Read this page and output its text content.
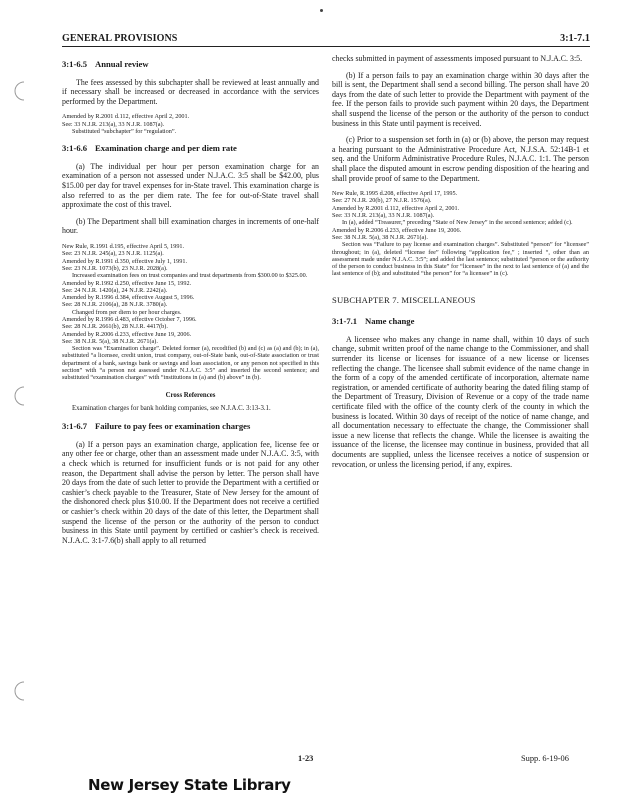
GENERAL PROVISIONS	3:1-7.1
3:1-6.5 Annual review

The fees assessed by this subchapter shall be reviewed at least annually and if necessary shall be increased or decreased in accordance with the services performed by the Department.

Amended by R.2001 d.112, effective April 2, 2001.
See: 33 N.J.R. 213(a), 33 N.J.R. 1087(a).
Substituted “subchapter” for “regulation”.
3:1-6.6 Examination charge and per diem rate

(a) The individual per hour per person examination charge for an examination of a person not assessed under N.J.A.C. 3:5 shall be $42.00, plus $15.00 per day for travel expenses for in-State travel. This examination charge is also referred to as the per diem rate. The fee for out-of-State travel shall approximate the cost of this travel.

(b) The Department shall bill examination charges in increments of one-half hour.

New Rule, R.1991 d.195, effective April 5, 1991.
See: 23 N.J.R. 245(a), 23 N.J.R. 1125(a).
Amended by R.1991 d.350, effective July 1, 1991.
See: 23 N.J.R. 1073(b), 23 N.J.R. 2028(a).
Increased examination fees on trust companies and trust departments from $300.00 to $325.00.
Amended by R.1992 d.250, effective June 15, 1992.
See: 24 N.J.R. 1420(a), 24 N.J.R. 2242(a).
Amended by R.1996 d.384, effective August 5, 1996.
See: 28 N.J.R. 2106(a), 28 N.J.R. 3780(a).
Changed from per diem to per hour charges.
Amended by R.1996 d.483, effective October 7, 1996.
See: 28 N.J.R. 2661(b), 28 N.J.R. 4417(b).
Amended by R.2006 d.233, effective June 19, 2006.
See: 38 N.J.R. 5(a), 38 N.J.R. 2671(a).
Section was “Examination charge”. Deleted former (a), recodified (b) and (c) as (a) and (b); in (a), substituted “a licensee, credit union, trust company, out-of-State bank, out-of-State association or trust department of a bank, savings bank or savings and loan association, or any person not specified in this section” with “a person not assessed under N.J.A.C. 3:5” and inserted the second sentence; and substituted “examination charges” with “institutions in (a) and (b) above” in (b).
Cross References
Examination charges for bank holding companies, see N.J.A.C. 3:13-3.1.
3:1-6.7 Failure to pay fees or examination charges

(a) If a person pays an examination charge, application fee, license fee or any other fee or charge, other than an assessment made under N.J.A.C. 3:5, with a check which is returned for insufficient funds or is not paid for any other reason, the Department shall advise the person by letter. The person shall have 20 days from the date of such letter to provide the Department with a certified or cashier’s check payable to the Treasurer, State of New Jersey for the amount of the dishonored check plus $10.00. If the Department does not receive a certified or cashier’s check within 20 days of the date of this letter, the Department shall suspend the license of the person or the authority of the person to conduct business in this State until payment by certified or cashier’s check is received. N.J.A.C. 3:1-7.6(b) shall apply to all returned

checks submitted in payment of assessments imposed pursuant to N.J.A.C. 3:5.

(b) If a person fails to pay an examination charge within 30 days after the bill is sent, the Department shall send a second billing. The person shall have 20 days from the date of such letter to provide the Department with payment of the fee. If the person fails to provide such payment within 20 days, the Department shall suspend the license of the person or the authority of the person to conduct business in this State until payment is received.

(c) Prior to a suspension set forth in (a) or (b) above, the person may request a hearing pursuant to the Administrative Procedure Act, N.J.S.A. 52:14B-1 et seq. and the Uniform Administrative Procedure Rules, N.J.A.C. 1:1. The person shall place the disputed amount in escrow pending disposition of the hearing and shall provide proof of same to the Department.

New Rule, R.1995 d.208, effective April 17, 1995.
See: 27 N.J.R. 20(b), 27 N.J.R. 1576(a).
Amended by R.2001 d.112, effective April 2, 2001.
See: 33 N.J.R. 213(a), 33 N.J.R. 1087(a).
In (a), added “Treasurer,” preceding “State of New Jersey” in the second sentence; added (c).
Amended by R.2006 d.233, effective June 19, 2006.
See: 38 N.J.R. 5(a), 38 N.J.R. 2671(a).
Section was “Failure to pay license and examination charges”. Substituted “person” for “licensee” throughout; in (a), deleted “license fee” following “application fee,” ; inserted “, other than an assessment made under N.J.A.C. 3:5”; and added the last sentence; substituted “person or the authority of the person to conduct business in this State” for “licensee” in the next to last sentence of (a) and the last sentence of (b); and substituted “the person” for “a licensee” in (c).
SUBCHAPTER 7. MISCELLANEOUS
3:1-7.1 Name change

A licensee who makes any change in name shall, within 10 days of such change, submit written proof of the name change to the Commissioner, and shall surrender its license or licenses for issuance of a new license or licenses reflecting the change. The licensee shall submit evidence of the name change in the form of a copy of the amended certificate of incorporation, alternate name registration, or amended certificate of authority bearing the dated filing stamp of the Department of Treasury, Division of Revenue or a copy of the trade name certificate filed with the office of the county clerk of the county in which the business is located. Within 30 days of receipt of the notice of name change, and all documentation necessary to effectuate the change, the Commissioner shall issue a new license that reflects the change. While the licensee is awaiting the issuance of the license, the licensee may continue in business, provided that all documents are supplied, unless the licensee receives a notice of suspension or revocation, or unless the licensing period, if any, expires.

1-23	Supp. 6-19-06
New Jersey State Library
